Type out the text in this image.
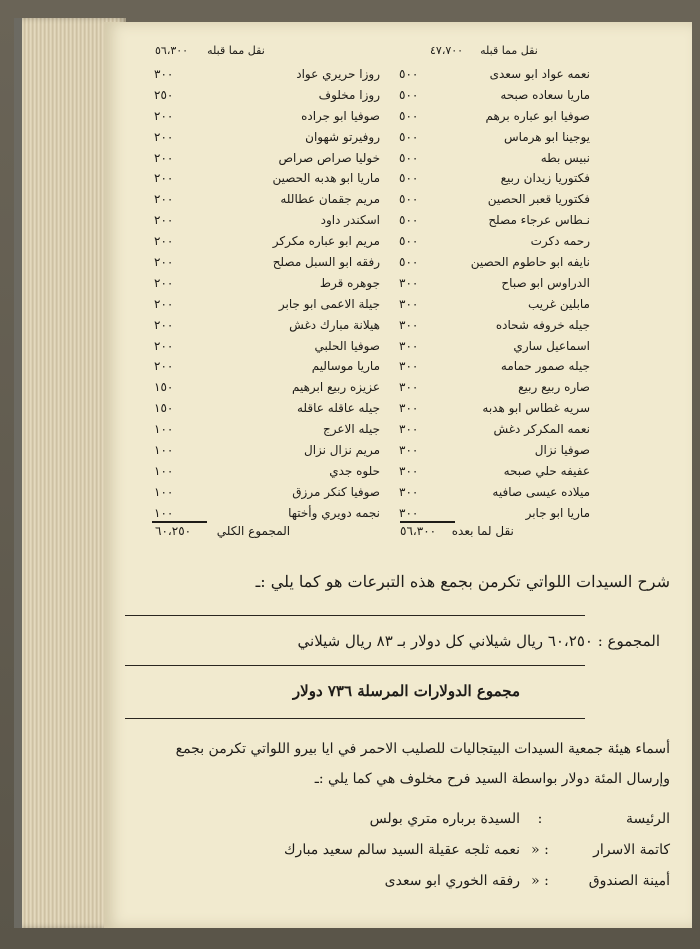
نقل مما قبله  ٤٧،٧٠٠
نقل مما قبله  ٥٦،٣٠٠
نعمه عواد ابو سعدى
٥٠٠
ماريا سعاده صبحه
٥٠٠
صوفيا ابو عباره برهم
٥٠٠
يوجينا ابو هرماس
٥٠٠
نبيس بطه
٥٠٠
فكتوريا زيدان ربيع
٥٠٠
فكتوريا قعبر الحصين
٥٠٠
نـطاس عرجاء مصلح
٥٠٠
رحمه دكرت
٥٠٠
نايفه ابو حاطوم الحصين
٥٠٠
الدراوس ابو صباح
٣٠٠
مابلين غريب
٣٠٠
جيله خروفه شحاده
٣٠٠
اسماعيل ساري
٣٠٠
جيله صمور حمامه
٣٠٠
صاره ربيع ربيع
٣٠٠
سريه غطاس ابو هدبه
٣٠٠
نعمه المكركر دغش
٣٠٠
صوفيا نزال
٣٠٠
عفيفه حلي صبحه
٣٠٠
ميلاده عيسى صافيه
٣٠٠
ماريا ابو جابر
٣٠٠
روزا حريري عواد
٣٠٠
روزا مخلوف
٢٥٠
صوفيا ابو جراده
٢٠٠
روفيرتو شهوان
٢٠٠
خوليا صراص صراص
٢٠٠
ماريا ابو هدبه الحصين
٢٠٠
مريم جقمان عطالله
٢٠٠
اسكندر داود
٢٠٠
مريم ابو عباره مكركر
٢٠٠
رفقه ابو السبل مصلح
٢٠٠
جوهره قرط
٢٠٠
جيلة الاعمى ابو جابر
٢٠٠
هيلانة مبارك دغش
٢٠٠
صوفيا الحلبي
٢٠٠
ماريا موساليم
٢٠٠
عزيزه ربيع ابرهيم
١٥٠
جيله عاقله عاقله
١٥٠
جيله الاعرج
١٠٠
مريم نزال نزال
١٠٠
حلوه جدي
١٠٠
صوفيا كنكر مرزق
١٠٠
نجمه دويري وأختها
١٠٠
نقل لما بعده  ٥٦،٣٠٠
المجموع الكلي  ٦٠،٢٥٠
شرح السيدات اللواتي تكرمن بجمع هذه التبرعات هو كما يلي :ـ
المجموع : ٦٠،٢٥٠ ريال شيلاني كل دولار بـ ٨٣ ريال شيلاني
مجموع الدولارات المرسلة ٧٣٦ دولار
أسماء هيئة جمعية السيدات البيتجاليات للصليب الاحمر في ايا بيرو اللواتي تكرمن بجمع
وإرسال المئة دولار بواسطة السيد فرح مخلوف هي كما يلي :ـ
الرئيسة:السيدة برباره متري بولس
كاتمة الاسرار: «نعمه ثلجه عقيلة السيد سالم سعيد مبارك
أمينة الصندوق: «رفقه الخوري ابو سعدى
